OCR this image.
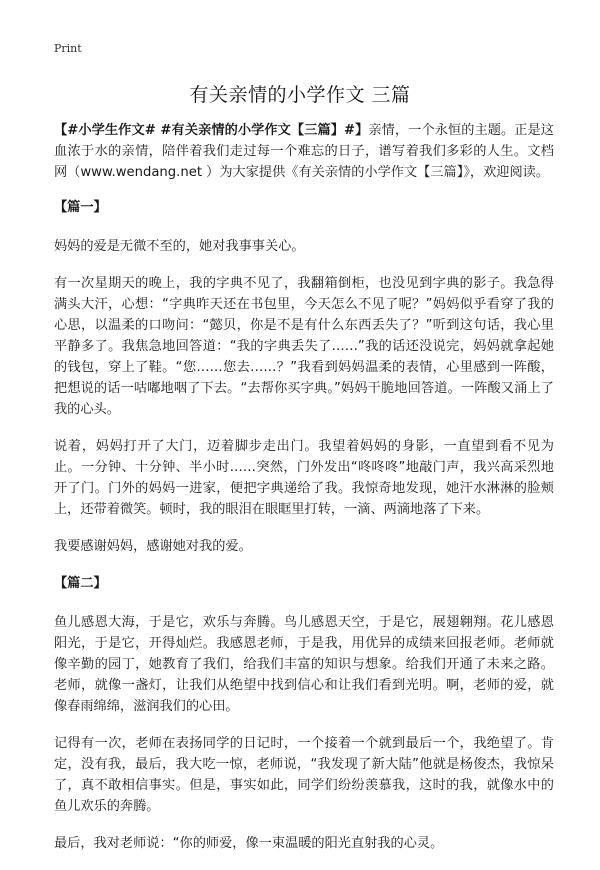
Print
有关亲情的小学作文 三篇

【#小学生作文# #有关亲情的小学作文【三篇】#】亲情，一个永恒的主题。正是这血浓于水的亲情，陪伴着我们走过每一个难忘的日子，谱写着我们多彩的人生。文档网（www.wendang.net ）为大家提供《有关亲情的小学作文【三篇】》，欢迎阅读。

【篇一】

妈妈的爱是无微不至的，她对我事事关心。

有一次星期天的晚上，我的字典不见了，我翻箱倒柜，也没见到字典的影子。我急得满头大汗，心想：“字典昨天还在书包里，今天怎么不见了呢？”妈妈似乎看穿了我的心思，以温柔的口吻问：“懿贝，你是不是有什么东西丢失了？”听到这句话，我心里平静多了。我焦急地回答道：“我的字典丢失了……”我的话还没说完，妈妈就拿起她的钱包，穿上了鞋。“您……您去……？”我看到妈妈温柔的表情，心里感到一阵酸，把想说的话一咕嘟地咽了下去。“去帮你买字典。”妈妈干脆地回答道。一阵酸又涌上了我的心头。

说着，妈妈打开了大门，迈着脚步走出门。我望着妈妈的身影，一直望到看不见为止。一分钟、十分钟、半小时……突然，门外发出“咚咚咚”地敲门声，我兴高采烈地开了门。门外的妈妈一进家，便把字典递给了我。我惊奇地发现，她汗水淋淋的脸颊上，还带着微笑。顿时，我的眼泪在眼眶里打转，一滴、两滴地落了下来。

我要感谢妈妈，感谢她对我的爱。

【篇二】

鱼儿感恩大海，于是它，欢乐与奔腾。鸟儿感恩天空，于是它，展翅翱翔。花儿感恩阳光，于是它，开得灿烂。我感恩老师，于是我，用优异的成绩来回报老师。老师就像辛勤的园丁，她教育了我们，给我们丰富的知识与想象。给我们开通了未来之路。老师，就像一盏灯，让我们从绝望中找到信心和让我们看到光明。啊，老师的爱，就像春雨绵绵，滋润我们的心田。

记得有一次，老师在表扬同学的日记时，一个接着一个就到最后一个，我绝望了。肯定，没有我，最后，我大吃一惊，老师说，“我发现了新大陆”他就是杨俊杰，我惊呆了，真不敢相信事实。但是，事实如此，同学们纷纷羡慕我，这时的我，就像水中的鱼儿欢乐的奔腾。

最后，我对老师说：“你的师爱，像一束温暖的阳光直射我的心灵。
